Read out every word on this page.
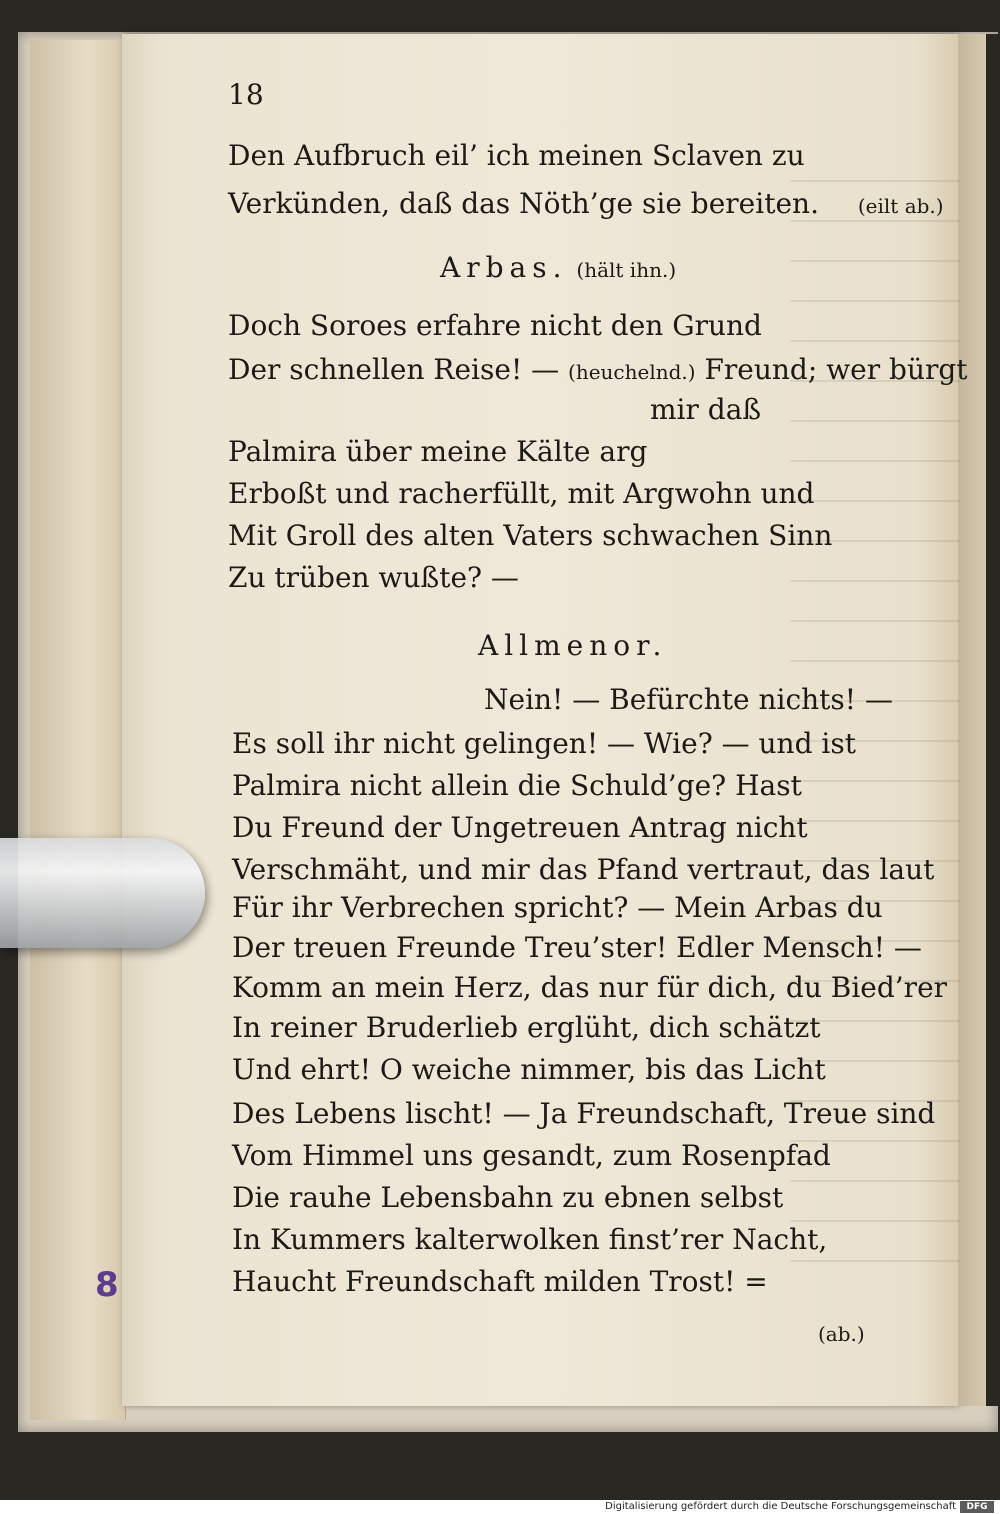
18
Den Aufbruch eil’ ich meinen Sclaven zu
Verkünden, daß das Nöth’ge sie bereiten. (eilt ab.)
Arbas. (hält ihn.)
Doch Soroes erfahre nicht den Grund
Der schnellen Reise! — (heuchelnd.) Freund; wer bürgt
mir daß
Palmira über meine Kälte arg
Erboßt und racherfüllt, mit Argwohn und
Mit Groll des alten Vaters schwachen Sinn
Zu trüben wußte? —
Allmenor.
Nein! — Befürchte nichts! —
Es soll ihr nicht gelingen! — Wie? — und ist
Palmira nicht allein die Schuld’ge? Hast
Du Freund der Ungetreuen Antrag nicht
Verschmäht, und mir das Pfand vertraut, das laut
Für ihr Verbrechen spricht? — Mein Arbas du
Der treuen Freunde Treu’ster! Edler Mensch! —
Komm an mein Herz, das nur für dich, du Bied’rer
In reiner Bruderlieb erglüht, dich schätzt
Und ehrt! O weiche nimmer, bis das Licht
Des Lebens lischt! — Ja Freundschaft, Treue sind
Vom Himmel uns gesandt, zum Rosenpfad
Die rauhe Lebensbahn zu ebnen selbst
In Kummers kalterwolken finst’rer Nacht,
Haucht Freundschaft milden Trost! =
(ab.)
8
Digitalisierung gefördert durch die Deutsche Forschungsgemeinschaft	DFG
